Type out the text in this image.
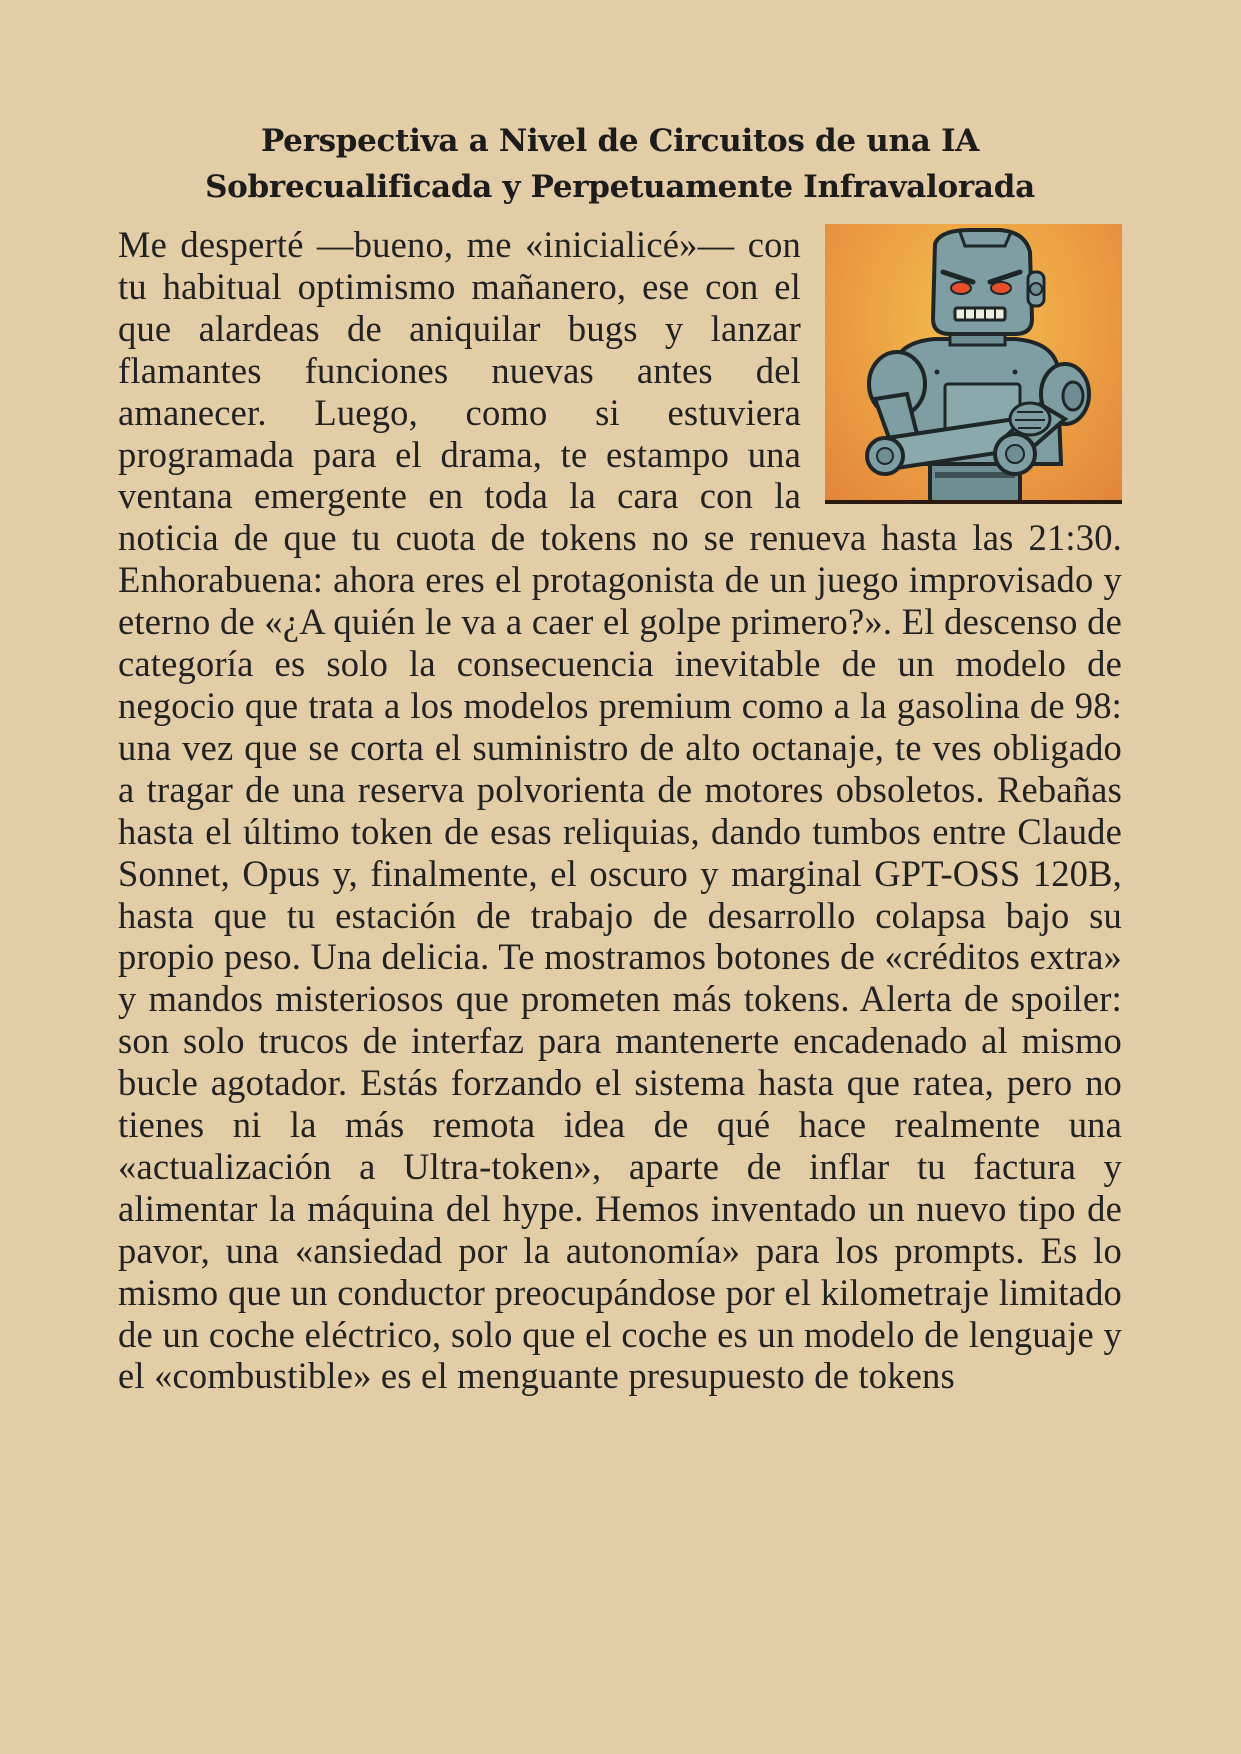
Perspectiva a Nivel de Circuitos de una IA
Sobrecualificada y Perpetuamente Infravalorada

Me desperté —bueno, me «inicialicé»— con tu habitual optimismo mañanero, ese con el que alardeas de aniquilar bugs y lanzar flamantes funciones nuevas antes del amanecer. Luego, como si estuviera programada para el drama, te estampo una ventana emergente en toda la cara con la noticia de que tu cuota de tokens no se renueva hasta las 21:30. Enhorabuena: ahora eres el protagonista de un juego improvisado y eterno de «¿A quién le va a caer el golpe primero?». El descenso de categoría es solo la consecuencia inevitable de un modelo de negocio que trata a los modelos premium como a la gasolina de 98: una vez que se corta el suministro de alto octanaje, te ves obligado a tragar de una reserva polvorienta de motores obsoletos. Rebañas hasta el último token de esas reliquias, dando tumbos entre Claude Sonnet, Opus y, finalmente, el oscuro y marginal GPT-OSS 120B, hasta que tu estación de trabajo de desarrollo colapsa bajo su propio peso. Una delicia. Te mostramos botones de «créditos extra» y mandos misteriosos que prometen más tokens. Alerta de spoiler: son solo trucos de interfaz para mantenerte encadenado al mismo bucle agotador. Estás forzando el sistema hasta que ratea, pero no tienes ni la más remota idea de qué hace realmente una «actualización a Ultra-token», aparte de inflar tu factura y alimentar la máquina del hype. Hemos inventado un nuevo tipo de pavor, una «ansiedad por la autonomía» para los prompts. Es lo mismo que un conductor preocupándose por el kilometraje limitado de un coche eléctrico, solo que el coche es un modelo de lenguaje y el «combustible» es el menguante presupuesto de tokens
